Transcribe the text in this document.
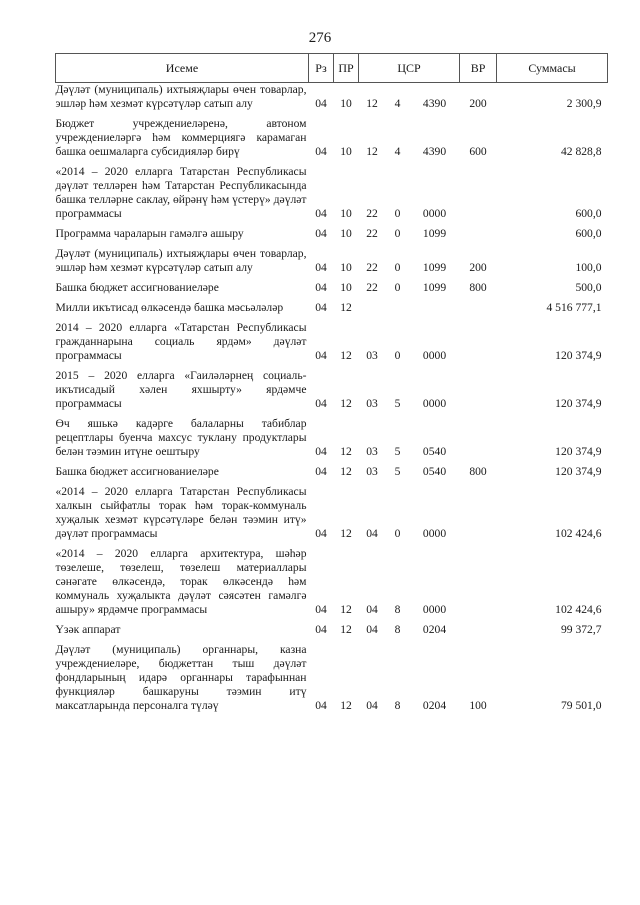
276
Исеме	Рз	ПР	ЦСР			ВР	Суммасы
Дәүләт (муниципаль) ихтыяҗлары өчен товарлар, эшләр һәм хезмәт күрсәтүләр сатып алу	04	10	12	4	4390	200	2 300,9

Бюджет учреждениеләренә, автоном учреждениеләргә һәм коммерциягә карамаган башка оешмаларга субсидияләр бирү	04	10	12	4	4390	600	42 828,8

«2014 – 2020 елларга Татарстан Республикасы дәүләт телләрен һәм Татарстан Республикасында башка телләрне саклау, өйрәнү һәм үстерү» дәүләт программасы	04	10	22	0	0000		600,0

Программа чараларын гамәлгә ашыру	04	10	22	0	1099		600,0

Дәүләт (муниципаль) ихтыяҗлары өчен товарлар, эшләр һәм хезмәт күрсәтүләр сатып алу	04	10	22	0	1099	200	100,0

Башка бюджет ассигнованиеләре	04	10	22	0	1099	800	500,0

Милли икътисад өлкәсендә башка мәсьәләләр	04	12					4 516 777,1

2014 – 2020 елларга «Татарстан Республикасы гражданнарына социаль ярдәм» дәүләт программасы	04	12	03	0	0000		120 374,9

2015 – 2020 елларга «Гаиләләрнең социаль-икътисадый хәлен яхшырту» ярдәмче программасы	04	12	03	5	0000		120 374,9

Өч яшькә кадәрге балаларны табиблар рецептлары буенча махсус туклану продуктлары белән тәэмин итүне оештыру	04	12	03	5	0540		120 374,9

Башка бюджет ассигнованиеләре	04	12	03	5	0540	800	120 374,9

«2014 – 2020 елларга Татарстан Республикасы халкын сыйфатлы торак һәм торак-коммуналь хуҗалык хезмәт күрсәтүләре белән тәэмин итү» дәүләт программасы	04	12	04	0	0000		102 424,6

«2014 – 2020 елларга архитектура, шәһәр төзелеше, төзелеш, төзелеш материаллары сәнәгате өлкәсендә, торак өлкәсендә һәм коммуналь хуҗалыкта дәүләт сәясәтен гамәлгә ашыру» ярдәмче программасы	04	12	04	8	0000		102 424,6

Үзәк аппарат	04	12	04	8	0204		99 372,7

Дәүләт (муниципаль) органнары, казна учреждениеләре, бюджеттан тыш дәүләт фондларының идарә органнары тарафыннан функцияләр башкаруны тәэмин итү максатларында персоналга түләү	04	12	04	8	0204	100	79 501,0
